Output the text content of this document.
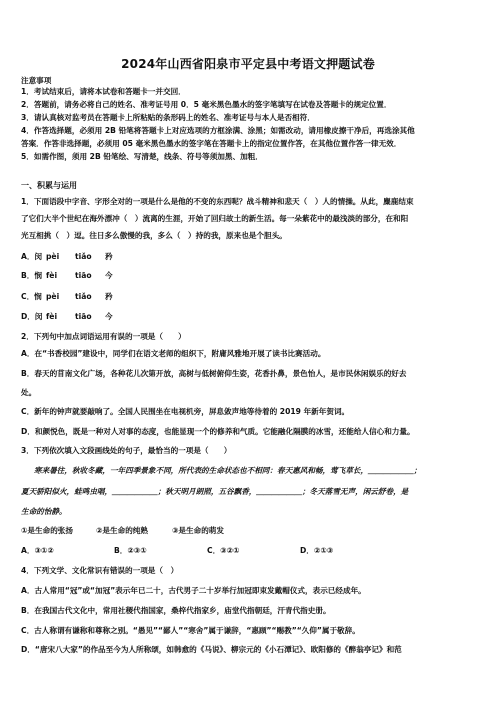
2024年山西省阳泉市平定县中考语文押题试卷
注意事项
1．考试结束后，请将本试卷和答题卡一并交回．
2．答题前，请务必将自己的姓名、准考证号用 0．5 毫米黑色墨水的签字笔填写在试卷及答题卡的规定位置．
3．请认真核对监考员在答题卡上所粘贴的条形码上的姓名、准考证号与本人是否相符．
4．作答选择题，必须用 2B 铅笔将答题卡上对应选项的方框涂满、涂黑；如需改动，请用橡皮擦干净后，再选涂其他
答案．作答非选择题，必须用 05 毫米黑色墨水的签字笔在答题卡上的指定位置作答，在其他位置作答一律无效．
5．如需作图，须用 2B 铅笔绘、写清楚，线条、符号等须加黑、加粗．
一、积累与运用
1．下面语段中字音、字形全对的一项是什么是他的不变的东西呢？战斗精神和悲天（　）人的情操。从此，麋鹿结束
了它们大半个世纪在海外漂冲（　）流离的生涯，开始了回归故土的新生活。每一朵紫花中的最浅淡的部分，在和阳
光互相挑（　）逗。往日多么傲慢的我，多么（　）持的我，原来也是个胆头。
A．闵 pèi tiǎo 矜
B．悯 fèi tiāo 今
C．悯 pèi tiǎo 矜
D．闵 fèi tiāo 今
2．下列句中加点词语运用有误的一项是（　　）
A．在“书香校园”建设中，同学们在语文老师的组织下，附庸风雅地开展了读书比赛活动。
B．春天的苜南文化广场，各种花儿次第开放，高树与低树俯仰生姿，花香扑鼻，景色怡人，是市民休闲娱乐的好去
处。
C．新年的钟声就要敲响了。全国人民围坐在电视机旁，屏息敛声地等待着的 2019 年新年贺词。
D．和颜悦色，既是一种对人对事的态度，也能显现一个的修养和气质。它能融化隔膜的冰雪，还能给人信心和力量。
3．下列依次填入文段画线处的句子，最恰当的一项是（　　）
寒来暑往，秋收冬藏，一年四季景象不同，所代表的生命状态也不相同：春天惠风和畅，莺飞草长，＿＿＿＿＿＿；
夏天骄阳似火，蛙鸣虫唱，＿＿＿＿＿＿；秋天明月朗照，五谷飘香，＿＿＿＿＿＿；冬天落雪无声，闲云舒卷，是
生命的怡静。
①是生命的张扬	②是生命的纯熟	③是生命的萌发
A．③①②	B．②③①	C．③②①	D．②①③
4．下列文学、文化常识有错误的一项是（　）
A．古人常用“冠”或“加冠”表示年已二十，古代男子二十岁举行加冠即束发戴帽仪式，表示已经成年。
B．在我国古代文化中，常用社稷代指国家，桑梓代指家乡，庙堂代指朝廷，汗青代指史册。
C．古人称谓有谦称和尊称之别。“愚见”“鄙人”“寒舍”属于谦辞，“惠顾”“赐教”“久仰”属于敬辞。
D．“唐宋八大家”的作品至今为人所称颂，如韩愈的《马说》、柳宗元的《小石潭记》、欧阳修的《醉翁亭记》和范
